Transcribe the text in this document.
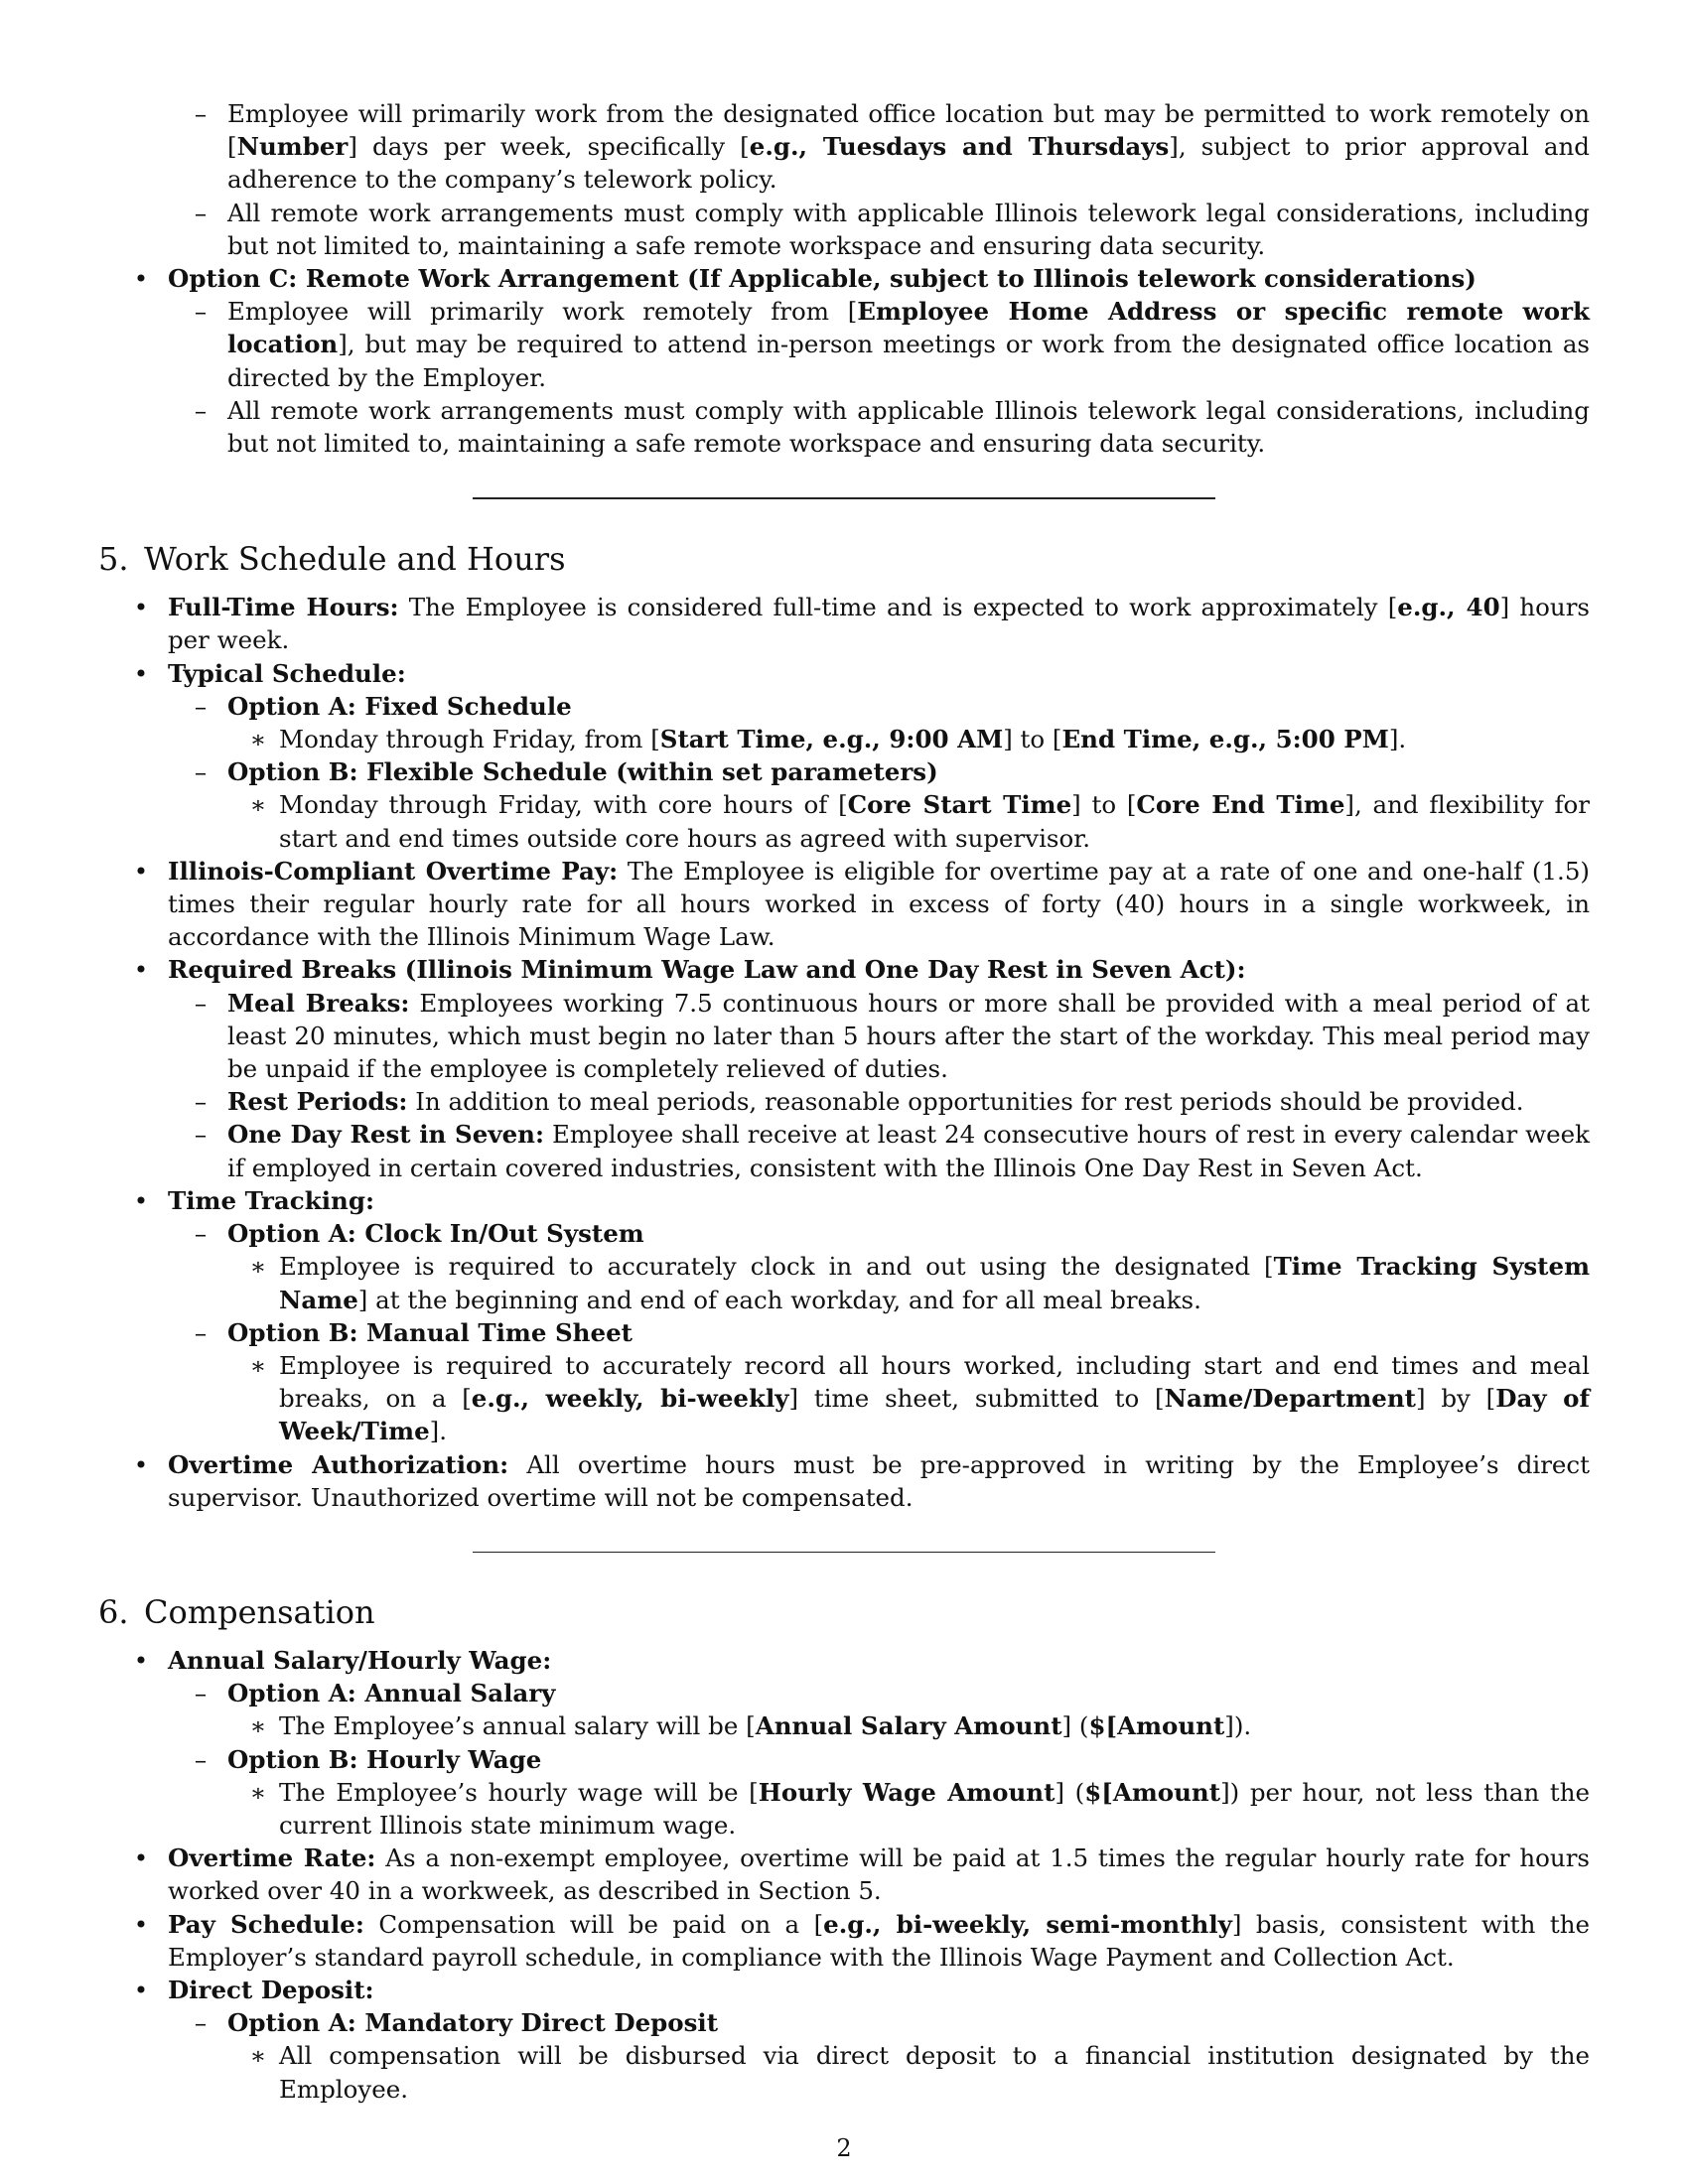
– Employee will primarily work from the designated office location but may be permitted to work remotely on [Number] days per week, specifically [e.g., Tuesdays and Thursdays], subject to prior approval and adherence to the company’s telework policy.
– All remote work arrangements must comply with applicable Illinois telework legal considerations, including but not limited to, maintaining a safe remote workspace and ensuring data security.
• Option C: Remote Work Arrangement (If Applicable, subject to Illinois telework considerations)
– Employee will primarily work remotely from [Employee Home Address or specific remote work location], but may be required to attend in-person meetings or work from the designated office location as directed by the Employer.
– All remote work arrangements must comply with applicable Illinois telework legal considerations, including but not limited to, maintaining a safe remote workspace and ensuring data security.
5. Work Schedule and Hours
• Full-Time Hours: The Employee is considered full-time and is expected to work approximately [e.g., 40] hours per week.
• Typical Schedule:
– Option A: Fixed Schedule
∗ Monday through Friday, from [Start Time, e.g., 9:00 AM] to [End Time, e.g., 5:00 PM].
– Option B: Flexible Schedule (within set parameters)
∗ Monday through Friday, with core hours of [Core Start Time] to [Core End Time], and flexibility for start and end times outside core hours as agreed with supervisor.
• Illinois-Compliant Overtime Pay: The Employee is eligible for overtime pay at a rate of one and one-half (1.5) times their regular hourly rate for all hours worked in excess of forty (40) hours in a single workweek, in accordance with the Illinois Minimum Wage Law.
• Required Breaks (Illinois Minimum Wage Law and One Day Rest in Seven Act):
– Meal Breaks: Employees working 7.5 continuous hours or more shall be provided with a meal period of at least 20 minutes, which must begin no later than 5 hours after the start of the workday. This meal period may be unpaid if the employee is completely relieved of duties.
– Rest Periods: In addition to meal periods, reasonable opportunities for rest periods should be provided.
– One Day Rest in Seven: Employee shall receive at least 24 consecutive hours of rest in every calendar week if employed in certain covered industries, consistent with the Illinois One Day Rest in Seven Act.
• Time Tracking:
– Option A: Clock In/Out System
∗ Employee is required to accurately clock in and out using the designated [Time Tracking System Name] at the beginning and end of each workday, and for all meal breaks.
– Option B: Manual Time Sheet
∗ Employee is required to accurately record all hours worked, including start and end times and meal breaks, on a [e.g., weekly, bi-weekly] time sheet, submitted to [Name/Department] by [Day of Week/Time].
• Overtime Authorization: All overtime hours must be pre-approved in writing by the Employee’s direct supervisor. Unauthorized overtime will not be compensated.
6. Compensation
• Annual Salary/Hourly Wage:
– Option A: Annual Salary
∗ The Employee’s annual salary will be [Annual Salary Amount] ($[Amount]).
– Option B: Hourly Wage
∗ The Employee’s hourly wage will be [Hourly Wage Amount] ($[Amount]) per hour, not less than the current Illinois state minimum wage.
• Overtime Rate: As a non-exempt employee, overtime will be paid at 1.5 times the regular hourly rate for hours worked over 40 in a workweek, as described in Section 5.
• Pay Schedule: Compensation will be paid on a [e.g., bi-weekly, semi-monthly] basis, consistent with the Employer’s standard payroll schedule, in compliance with the Illinois Wage Payment and Collection Act.
• Direct Deposit:
– Option A: Mandatory Direct Deposit
∗ All compensation will be disbursed via direct deposit to a financial institution designated by the Employee.
2
